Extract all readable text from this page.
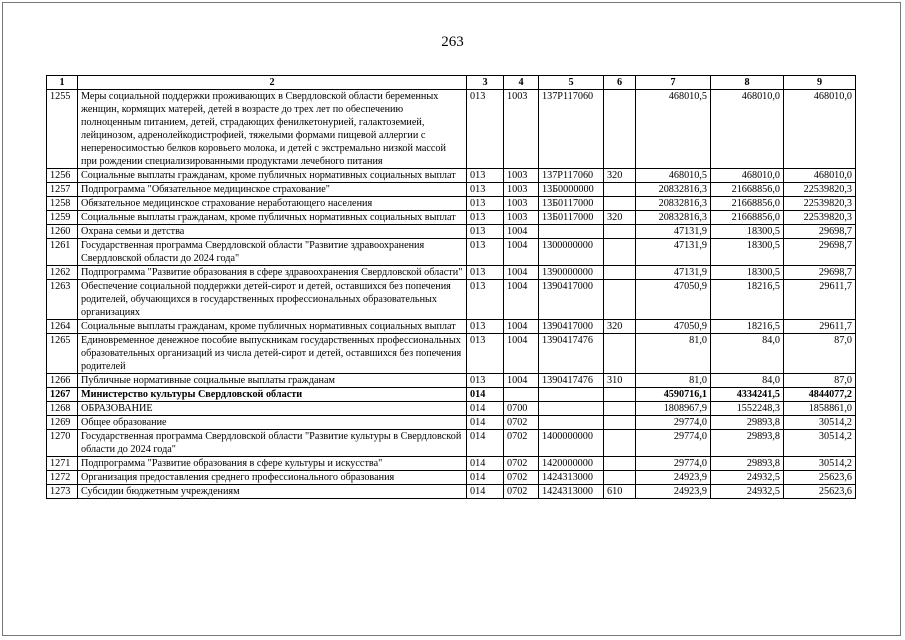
263
1	2	3	4	5	6	7	8	9
1255	Меры социальной поддержки проживающих в Свердловской области беременных женщин, кормящих матерей, детей в возрасте до трех лет по обеспечению полноценным питанием, детей, страдающих фенилкетонурией, галактоземией, лейцинозом, адренолейкодистрофией, тяжелыми формами пищевой аллергии с непереносимостью белков коровьего молока, и детей с экстремально низкой массой при рождении специализированными продуктами лечебного питания	013	1003	137P117060		468010,5	468010,0	468010,0
1256	Социальные выплаты гражданам, кроме публичных нормативных социальных выплат	013	1003	137P117060	320	468010,5	468010,0	468010,0
1257	Подпрограмма "Обязательное медицинское страхование"	013	1003	13Б0000000		20832816,3	21668856,0	22539820,3
1258	Обязательное медицинское страхование неработающего населения	013	1003	13Б0117000		20832816,3	21668856,0	22539820,3
1259	Социальные выплаты гражданам, кроме публичных нормативных социальных выплат	013	1003	13Б0117000	320	20832816,3	21668856,0	22539820,3
1260	Охрана семьи и детства	013	1004			47131,9	18300,5	29698,7
1261	Государственная программа Свердловской области "Развитие здравоохранения Свердловской области до 2024 года"	013	1004	1300000000		47131,9	18300,5	29698,7
1262	Подпрограмма "Развитие образования в сфере здравоохранения Свердловской области"	013	1004	1390000000		47131,9	18300,5	29698,7
1263	Обеспечение социальной поддержки детей-сирот и детей, оставшихся без попечения родителей, обучающихся в государственных профессиональных образовательных организациях	013	1004	1390417000		47050,9	18216,5	29611,7
1264	Социальные выплаты гражданам, кроме публичных нормативных социальных выплат	013	1004	1390417000	320	47050,9	18216,5	29611,7
1265	Единовременное денежное пособие выпускникам государственных профессиональных образовательных организаций из числа детей-сирот и детей, оставшихся без попечения родителей	013	1004	1390417476		81,0	84,0	87,0
1266	Публичные нормативные социальные выплаты гражданам	013	1004	1390417476	310	81,0	84,0	87,0
1267	Министерство культуры Свердловской области	014				4590716,1	4334241,5	4844077,2
1268	ОБРАЗОВАНИЕ	014	0700			1808967,9	1552248,3	1858861,0
1269	Общее образование	014	0702			29774,0	29893,8	30514,2
1270	Государственная программа Свердловской области "Развитие культуры в Свердловской области до 2024 года"	014	0702	1400000000		29774,0	29893,8	30514,2
1271	Подпрограмма "Развитие образования в сфере культуры и искусства"	014	0702	1420000000		29774,0	29893,8	30514,2
1272	Организация предоставления среднего профессионального образования	014	0702	1424313000		24923,9	24932,5	25623,6
1273	Субсидии бюджетным учреждениям	014	0702	1424313000	610	24923,9	24932,5	25623,6
